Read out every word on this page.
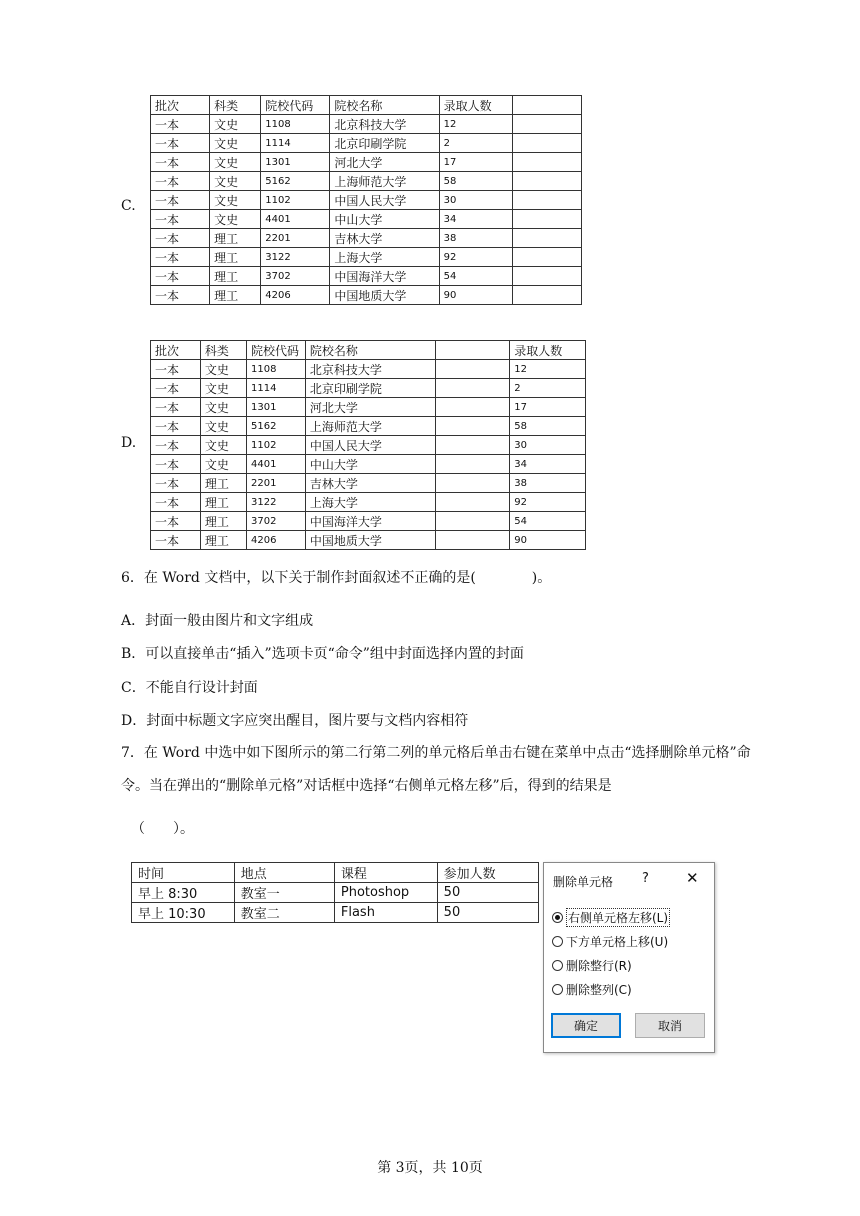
C.
批次	科类	院校代码	院校名称	录取人数	
一本	文史	1108	北京科技大学	12	
一本	文史	1114	北京印刷学院	2	
一本	文史	1301	河北大学	17	
一本	文史	5162	上海师范大学	58	
一本	文史	1102	中国人民大学	30	
一本	文史	4401	中山大学	34	
一本	理工	2201	吉林大学	38	
一本	理工	3122	上海大学	92	
一本	理工	3702	中国海洋大学	54	
一本	理工	4206	中国地质大学	90	
D.
批次	科类	院校代码	院校名称		录取人数
一本	文史	1108	北京科技大学		12
一本	文史	1114	北京印刷学院		2
一本	文史	1301	河北大学		17
一本	文史	5162	上海师范大学		58
一本	文史	1102	中国人民大学		30
一本	文史	4401	中山大学		34
一本	理工	2201	吉林大学		38
一本	理工	3122	上海大学		92
一本	理工	3702	中国海洋大学		54
一本	理工	4206	中国地质大学		90
6．在 Word 文档中，以下关于制作封面叙述不正确的是(　　　　)。
A．封面一般由图片和文字组成
B．可以直接单击“插入”选项卡页“命令”组中封面选择内置的封面
C．不能自行设计封面
D．封面中标题文字应突出醒目，图片要与文档内容相符
7．在 Word 中选中如下图所示的第二行第二列的单元格后单击右键在菜单中点击“选择删除单元格”命令。当在弹出的“删除单元格”对话框中选择“右侧单元格左移”后，得到的结果是
（　　）。
时间	地点	课程	参加人数
早上 8:30	教室一	Photoshop	50
早上 10:30	教室二	Flash	50
删除单元格 ? ✕
右侧单元格左移(L)
下方单元格上移(U)
删除整行(R)
删除整列(C)
确定	取消
第 3页，共 10页
